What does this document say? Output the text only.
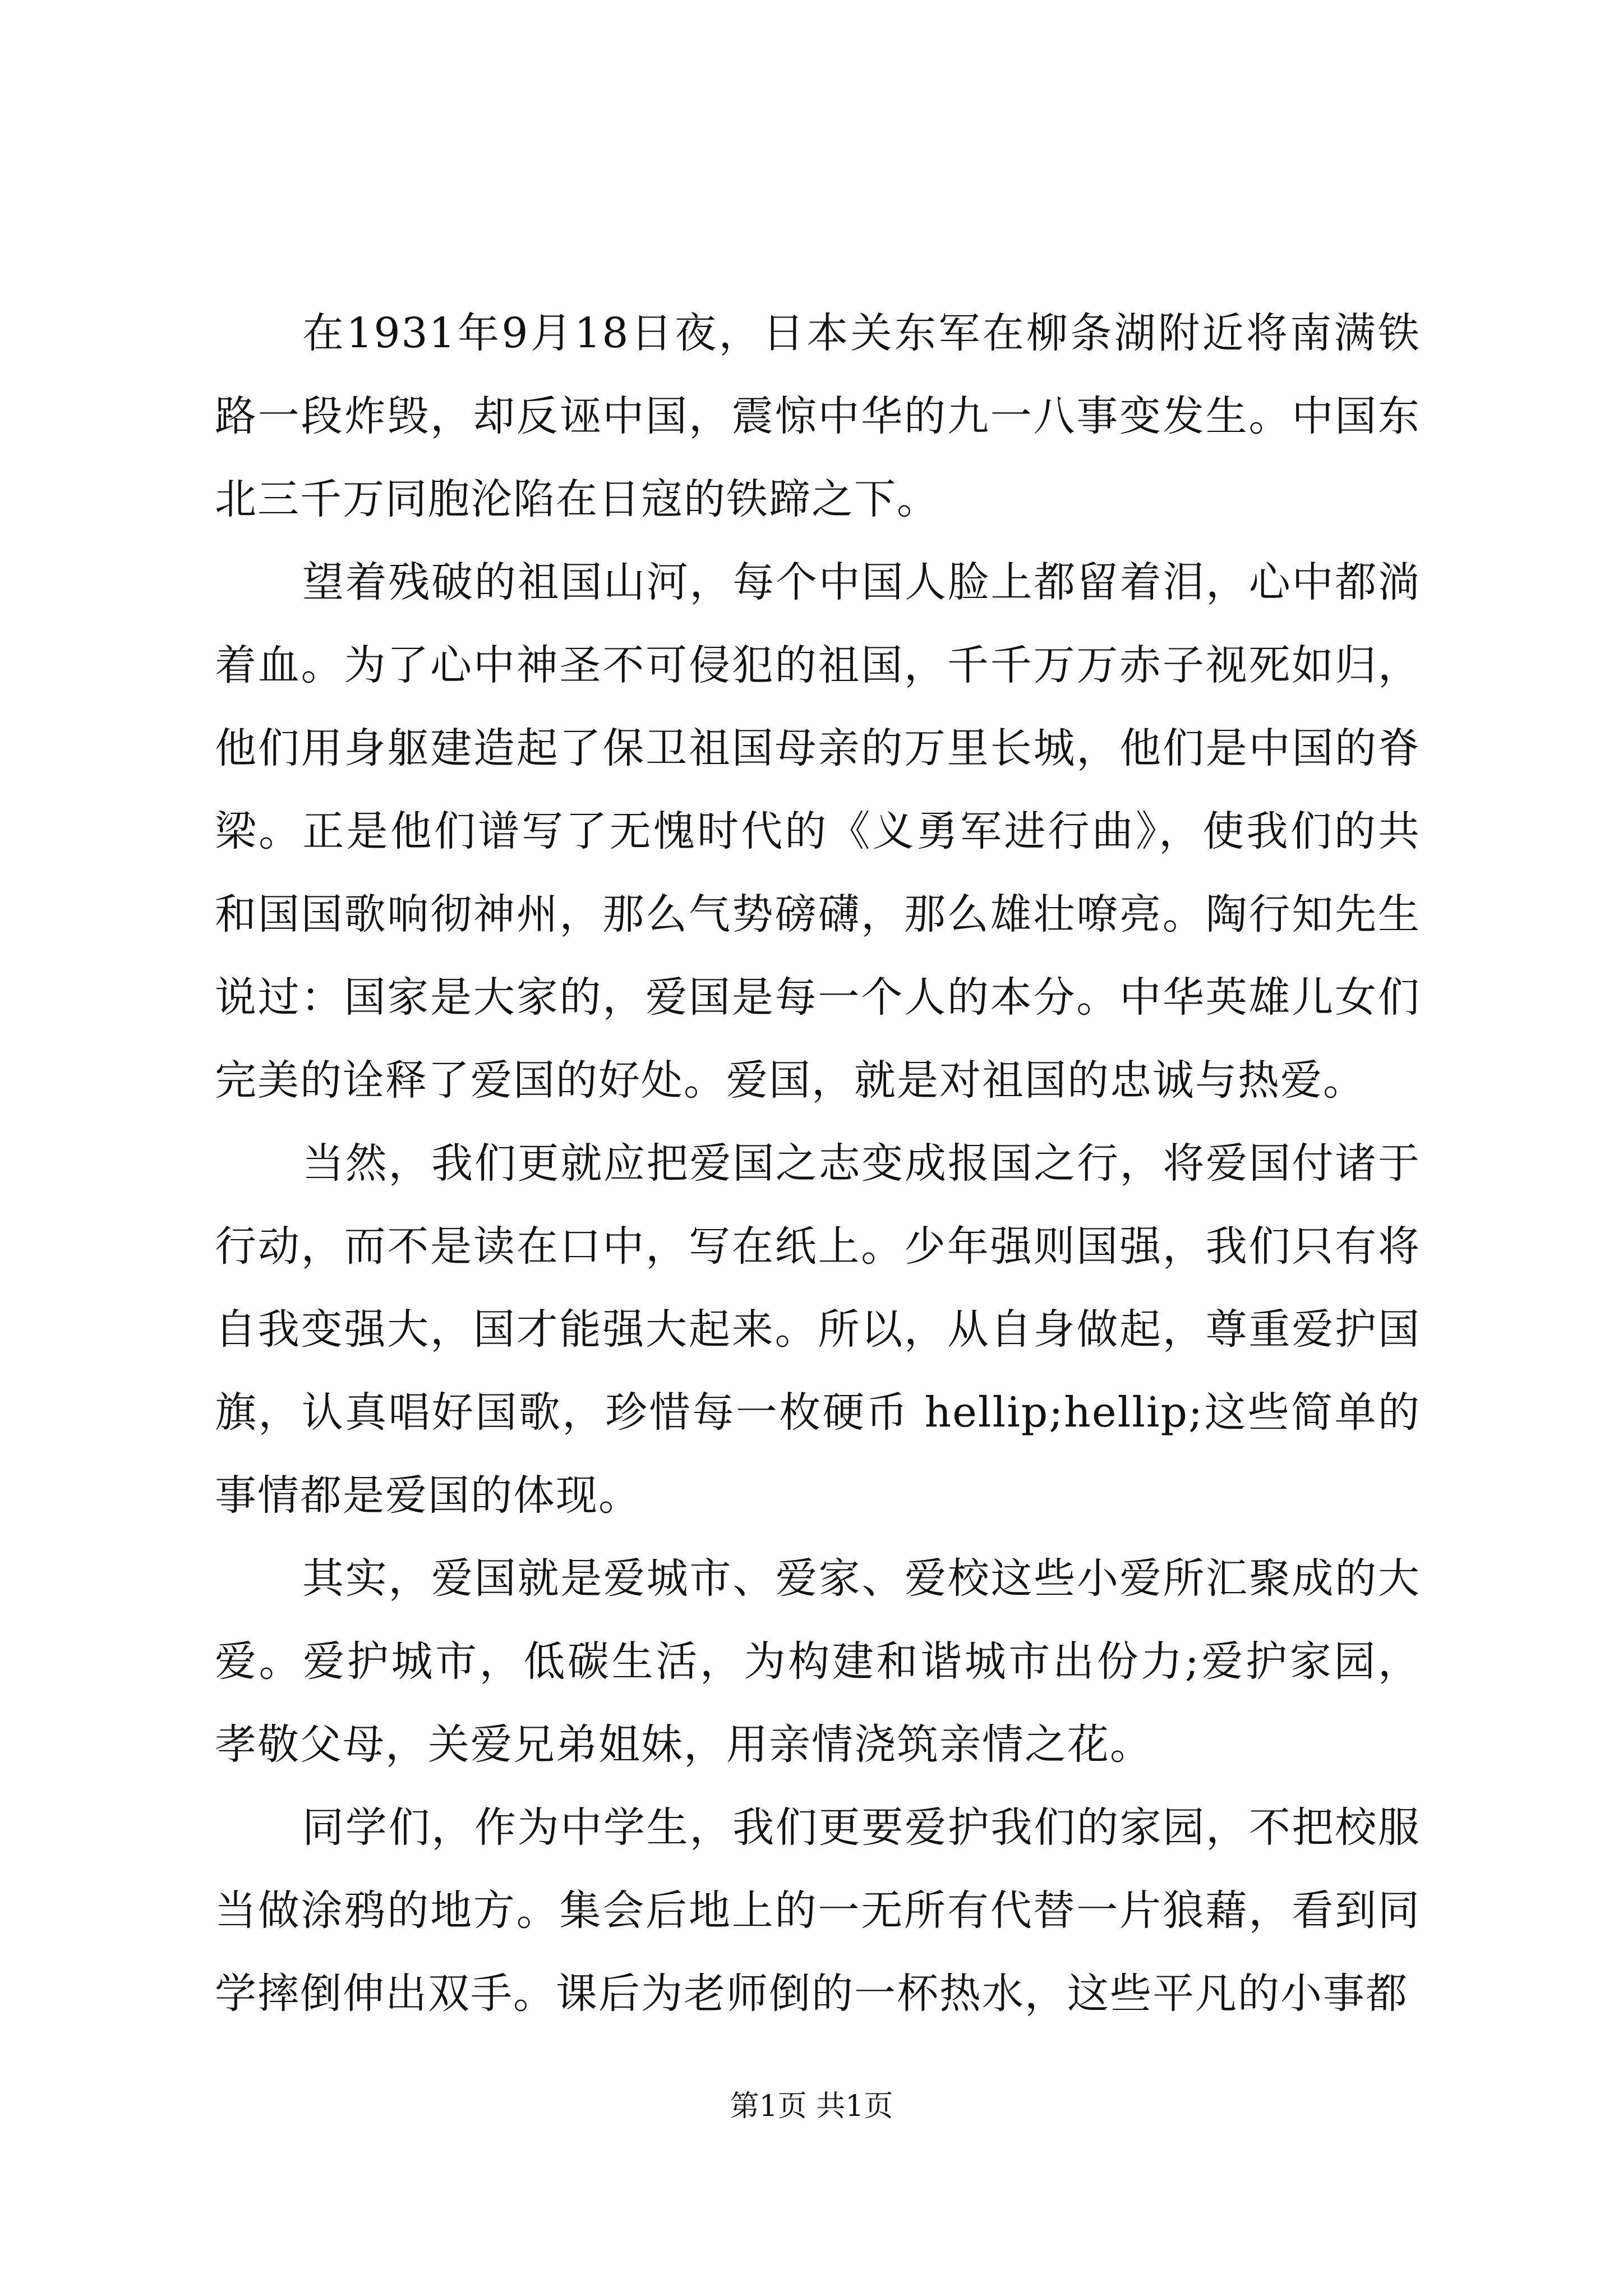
在1931年9月18日夜，日本关东军在柳条湖附近将南满铁路一段炸毁，却反诬中国，震惊中华的九一八事变发生。中国东北三千万同胞沦陷在日寇的铁蹄之下。

望着残破的祖国山河，每个中国人脸上都留着泪，心中都淌着血。为了心中神圣不可侵犯的祖国，千千万万赤子视死如归，他们用身躯建造起了保卫祖国母亲的万里长城，他们是中国的脊梁。正是他们谱写了无愧时代的《义勇军进行曲》，使我们的共和国国歌响彻神州，那么气势磅礴，那么雄壮嘹亮。陶行知先生说过：国家是大家的，爱国是每一个人的本分。中华英雄儿女们完美的诠释了爱国的好处。爱国，就是对祖国的忠诚与热爱。

当然，我们更就应把爱国之志变成报国之行，将爱国付诸于行动，而不是读在口中，写在纸上。少年强则国强，我们只有将自我变强大，国才能强大起来。所以，从自身做起，尊重爱护国旗，认真唱好国歌，珍惜每一枚硬币 hellip;hellip;这些简单的事情都是爱国的体现。

其实，爱国就是爱城市、爱家、爱校这些小爱所汇聚成的大爱。爱护城市，低碳生活，为构建和谐城市出份力;爱护家园，孝敬父母，关爱兄弟姐妹，用亲情浇筑亲情之花。

同学们，作为中学生，我们更要爱护我们的家园，不把校服当做涂鸦的地方。集会后地上的一无所有代替一片狼藉，看到同学摔倒伸出双手。课后为老师倒的一杯热水，这些平凡的小事都

第1页 共1页
